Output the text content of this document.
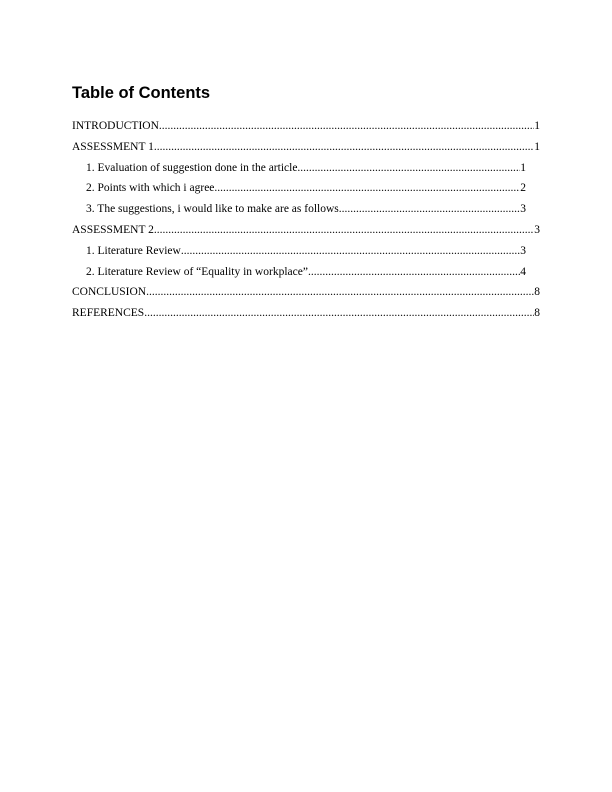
Table of Contents
INTRODUCTION .....	1
ASSESSMENT 1 .....	1
1. Evaluation of suggestion done in the article .....	1
2. Points with which i agree .....	2
3. The suggestions, i would like to make are as follows .....	3
ASSESSMENT 2 .....	3
1. Literature Review .....	3
2. Literature Review of “Equality in workplace” .....	4
CONCLUSION .....	8
REFERENCES .....	8
